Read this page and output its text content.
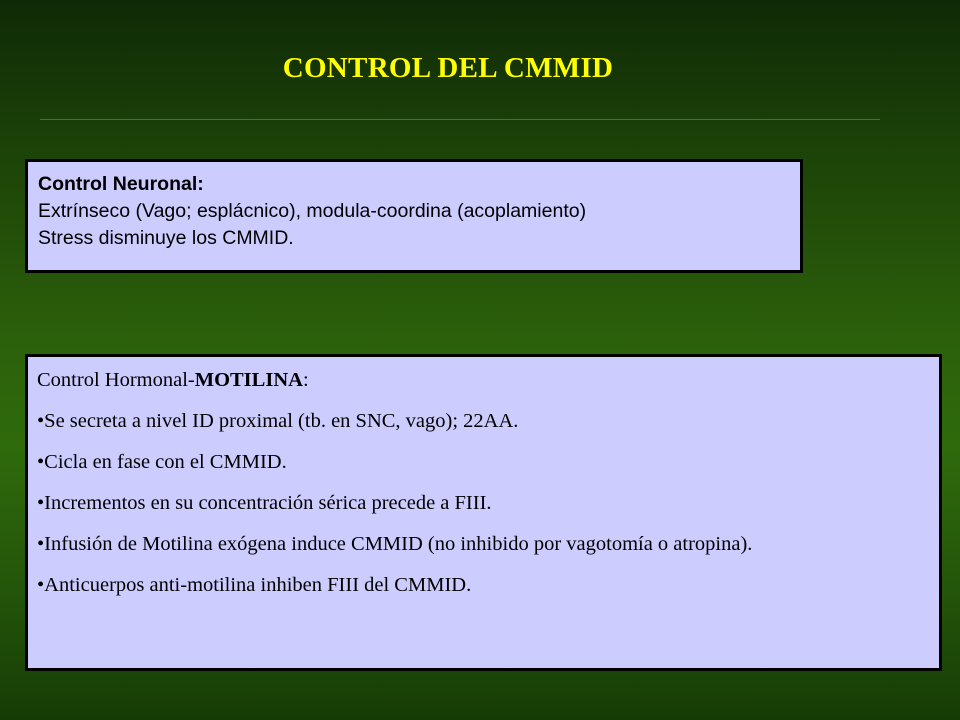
CONTROL DEL CMMID
Control Neuronal:
Extrínseco (Vago; esplácnico), modula-coordina (acoplamiento)
Stress disminuye los CMMID.
Control Hormonal-MOTILINA:
•Se secreta a nivel ID proximal (tb. en SNC, vago); 22AA.
•Cicla en fase con el CMMID.
•Incrementos en su concentración sérica precede a FIII.
•Infusión de Motilina exógena induce CMMID (no inhibido por vagotomía o atropina).
•Anticuerpos anti-motilina inhiben FIII del CMMID.
